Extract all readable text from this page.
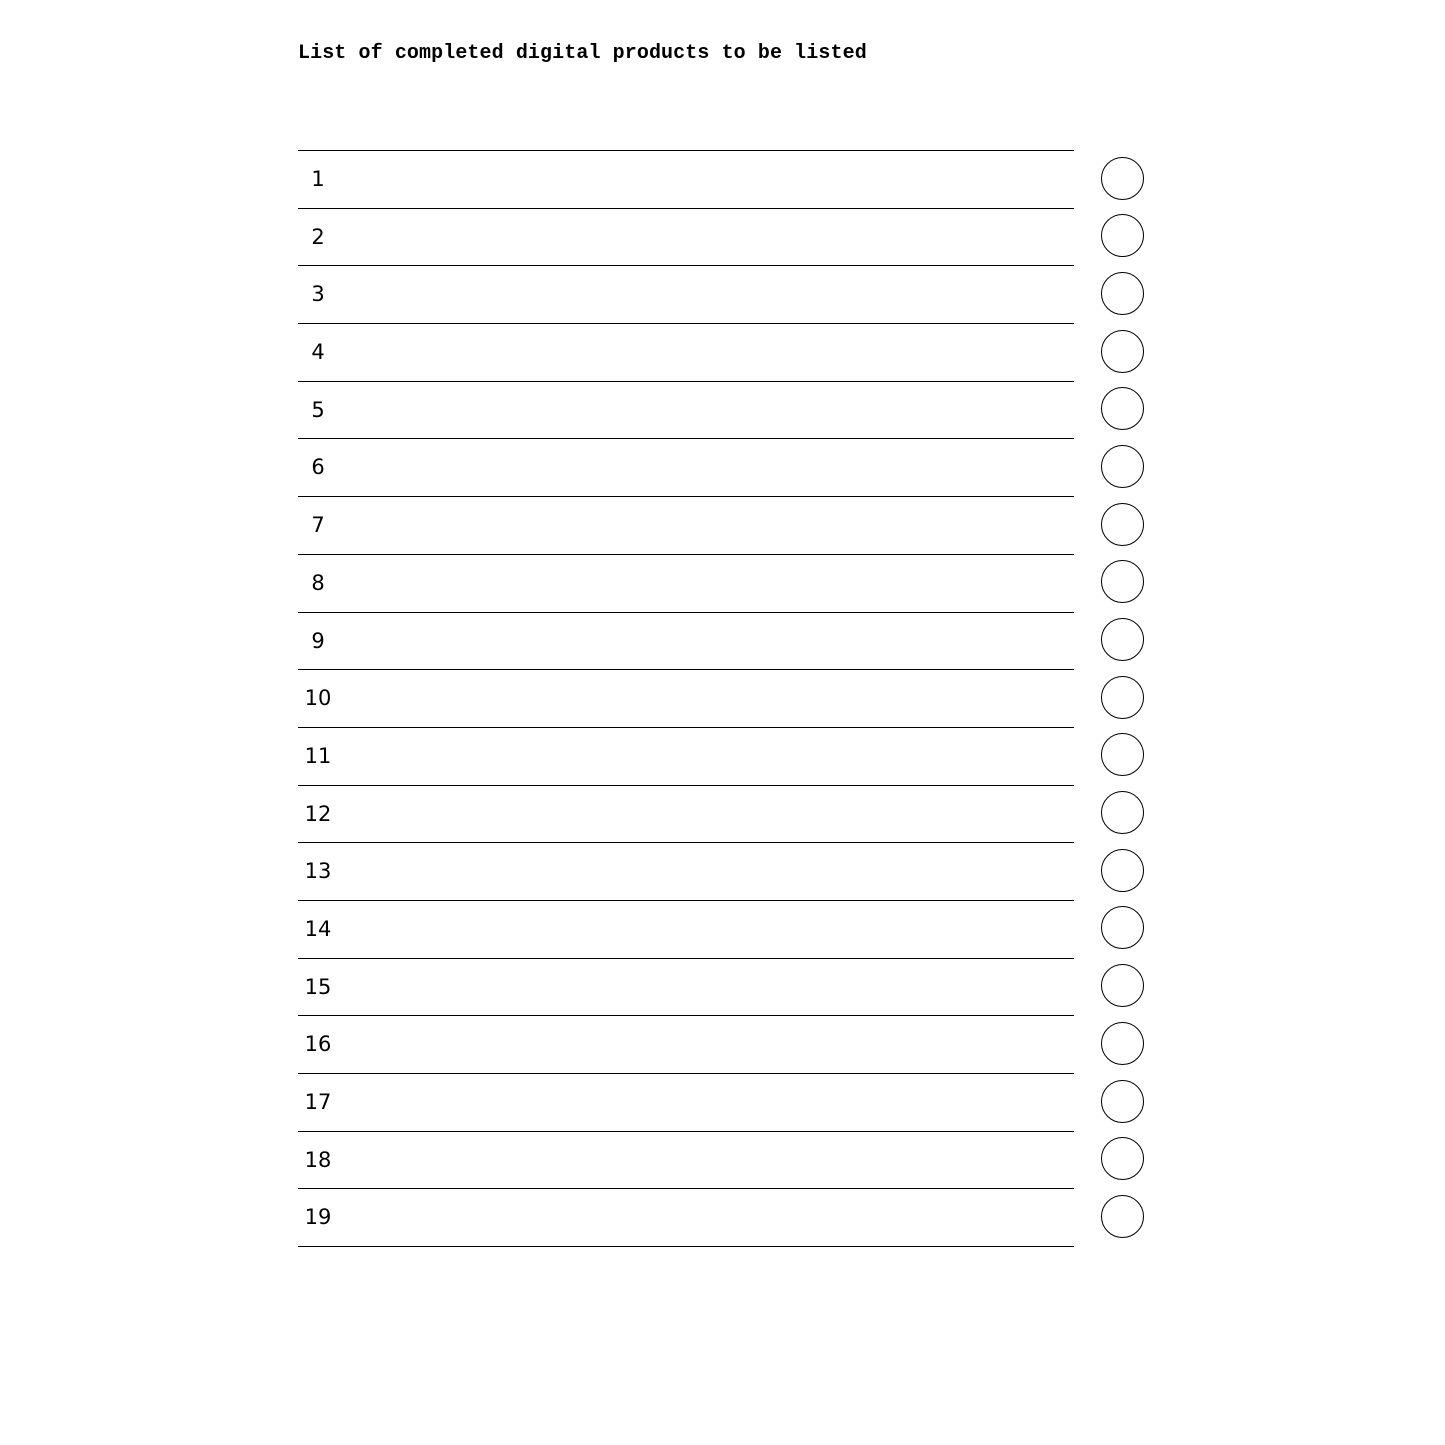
List of completed digital products to be listed
1
2
3
4
5
6
7
8
9
10
11
12
13
14
15
16
17
18
19
